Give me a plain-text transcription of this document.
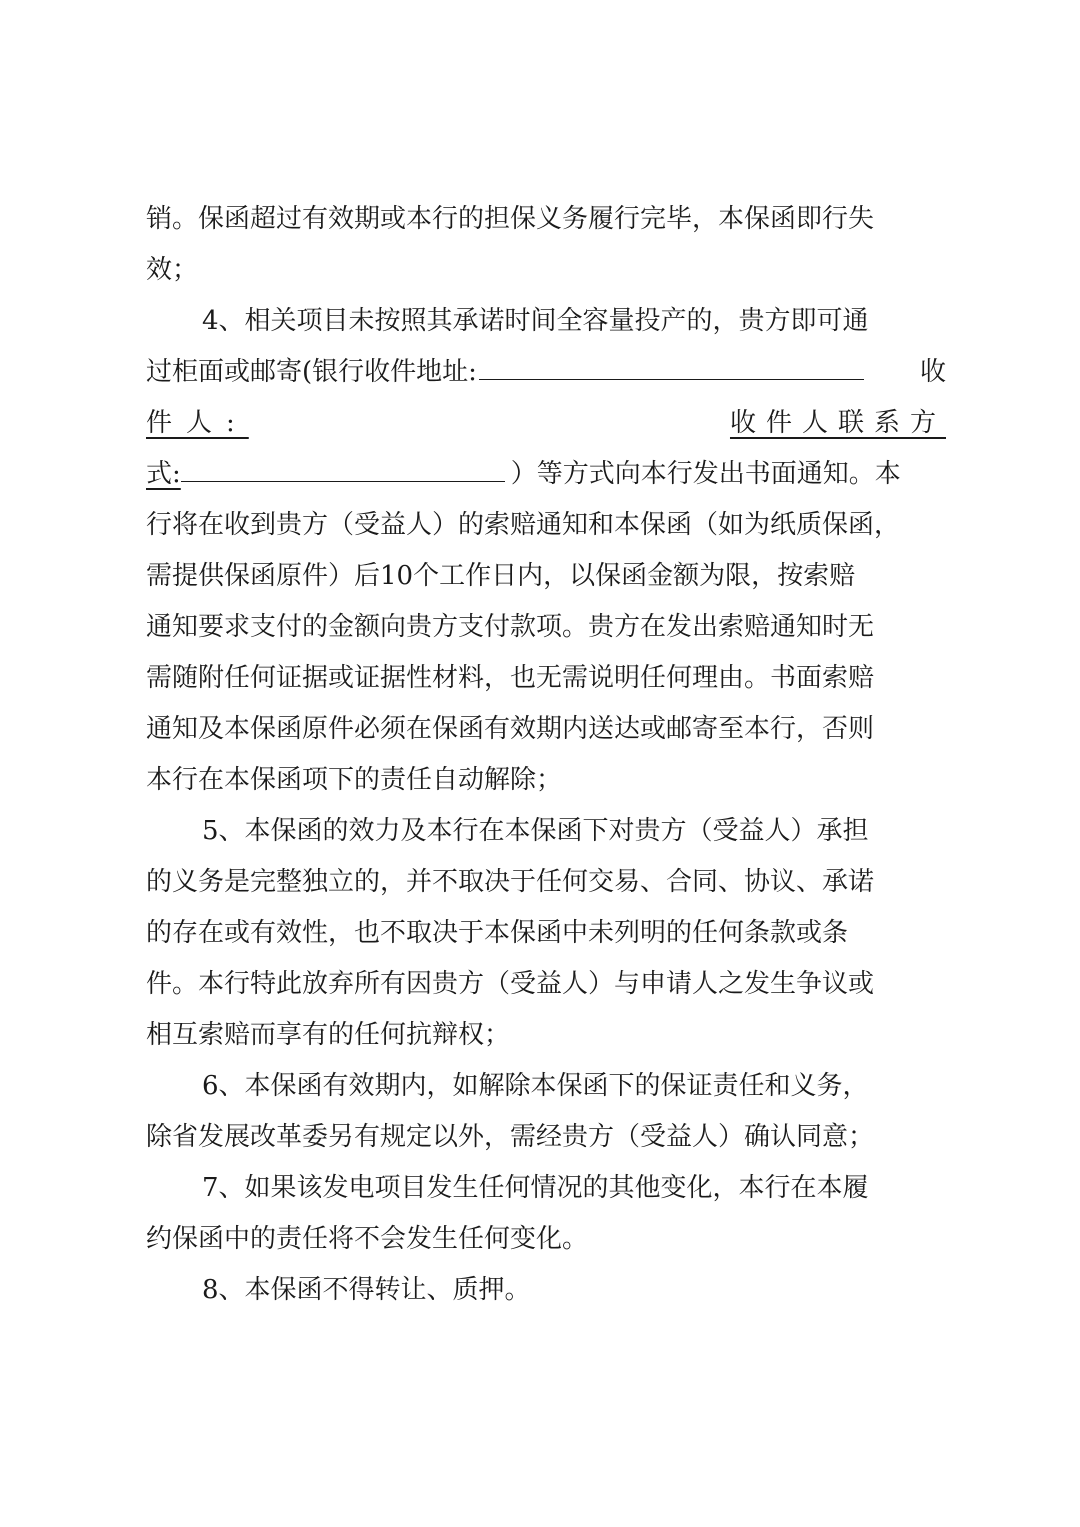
销。保函超过有效期或本行的担保义务履行完毕，本保函即行失
效；
4、相关项目未按照其承诺时间全容量投产的，贵方即可通
过柜面或邮寄(银行收件地址:	收
件人:	收件人联系方
式:	）等方式向本行发出书面通知。本
行将在收到贵方（受益人）的索赔通知和本保函（如为纸质保函，
需提供保函原件）后10个工作日内，以保函金额为限，按索赔
通知要求支付的金额向贵方支付款项。贵方在发出索赔通知时无
需随附任何证据或证据性材料，也无需说明任何理由。书面索赔
通知及本保函原件必须在保函有效期内送达或邮寄至本行，否则
本行在本保函项下的责任自动解除；
5、本保函的效力及本行在本保函下对贵方（受益人）承担
的义务是完整独立的，并不取决于任何交易、合同、协议、承诺
的存在或有效性，也不取决于本保函中未列明的任何条款或条
件。本行特此放弃所有因贵方（受益人）与申请人之发生争议或
相互索赔而享有的任何抗辩权；
6、本保函有效期内，如解除本保函下的保证责任和义务，
除省发展改革委另有规定以外，需经贵方（受益人）确认同意；
7、如果该发电项目发生任何情况的其他变化，本行在本履
约保函中的责任将不会发生任何变化。
8、本保函不得转让、质押。
